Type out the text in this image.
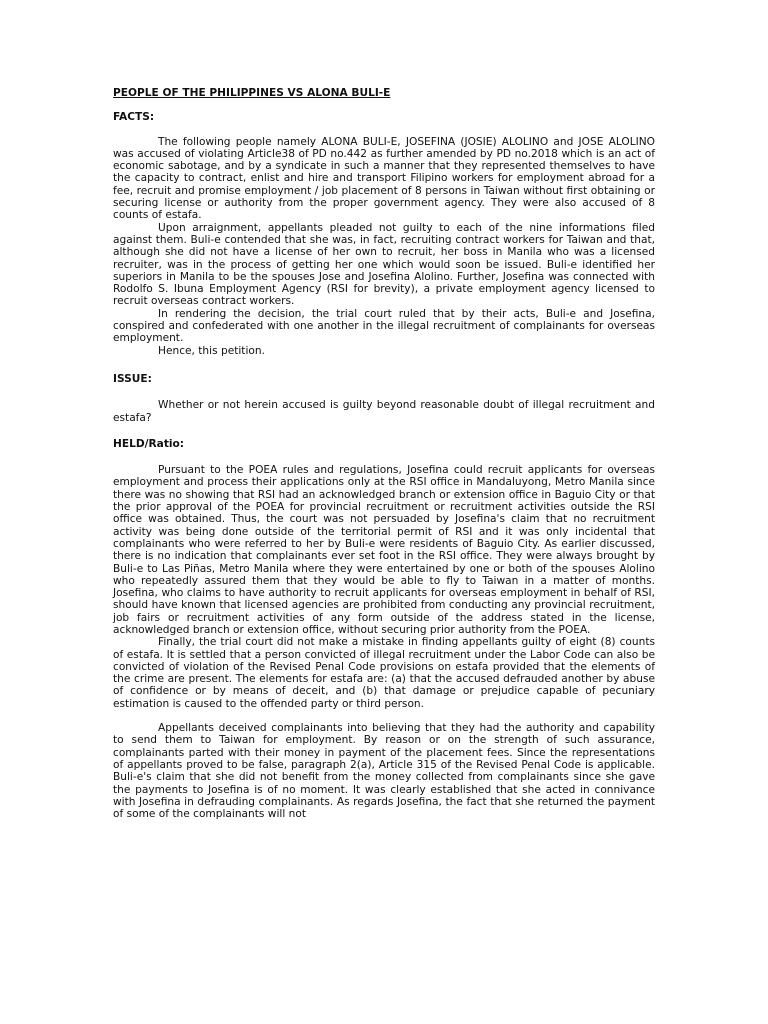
PEOPLE OF THE PHILIPPINES VS ALONA BULI-E
FACTS:

The following people namely ALONA BULI-E, JOSEFINA (JOSIE) ALOLINO and JOSE ALOLINO was accused of violating Article38 of PD no.442 as further amended by PD no.2018 which is an act of economic sabotage, and by a syndicate in such a manner that they represented themselves to have the capacity to contract, enlist and hire and transport Filipino workers for employment abroad for a fee, recruit and promise employment / job placement of 8 persons in Taiwan without first obtaining or securing license or authority from the proper government agency. They were also accused of 8 counts of estafa.

Upon arraignment, appellants pleaded not guilty to each of the nine informations filed against them. Buli-e contended that she was, in fact, recruiting contract workers for Taiwan and that, although she did not have a license of her own to recruit, her boss in Manila who was a licensed recruiter, was in the process of getting her one which would soon be issued. Buli-e identified her superiors in Manila to be the spouses Jose and Josefina Alolino. Further, Josefina was connected with Rodolfo S. Ibuna Employment Agency (RSI for brevity), a private employment agency licensed to recruit overseas contract workers.

In rendering the decision, the trial court ruled that by their acts, Buli-e and Josefina, conspired and confederated with one another in the illegal recruitment of complainants for overseas employment.

Hence, this petition.

ISSUE:

Whether or not herein accused is guilty beyond reasonable doubt of illegal recruitment and estafa?

HELD/Ratio:

Pursuant to the POEA rules and regulations, Josefina could recruit applicants for overseas employment and process their applications only at the RSI office in Mandaluyong, Metro Manila since there was no showing that RSI had an acknowledged branch or extension office in Baguio City or that the prior approval of the POEA for provincial recruitment or recruitment activities outside the RSI office was obtained. Thus, the court was not persuaded by Josefina's claim that no recruitment activity was being done outside of the territorial permit of RSI and it was only incidental that complainants who were referred to her by Buli-e were residents of Baguio City. As earlier discussed, there is no indication that complainants ever set foot in the RSI office. They were always brought by Buli-e to Las Piñas, Metro Manila where they were entertained by one or both of the spouses Alolino who repeatedly assured them that they would be able to fly to Taiwan in a matter of months. Josefina, who claims to have authority to recruit applicants for overseas employment in behalf of RSI, should have known that licensed agencies are prohibited from conducting any provincial recruitment, job fairs or recruitment activities of any form outside of the address stated in the license, acknowledged branch or extension office, without securing prior authority from the POEA.

Finally, the trial court did not make a mistake in finding appellants guilty of eight (8) counts of estafa. It is settled that a person convicted of illegal recruitment under the Labor Code can also be convicted of violation of the Revised Penal Code provisions on estafa provided that the elements of the crime are present. The elements for estafa are: (a) that the accused defrauded another by abuse of confidence or by means of deceit, and (b) that damage or prejudice capable of pecuniary estimation is caused to the offended party or third person.

Appellants deceived complainants into believing that they had the authority and capability to send them to Taiwan for employment. By reason or on the strength of such assurance, complainants parted with their money in payment of the placement fees. Since the representations of appellants proved to be false, paragraph 2(a), Article 315 of the Revised Penal Code is applicable. Buli-e's claim that she did not benefit from the money collected from complainants since she gave the payments to Josefina is of no moment. It was clearly established that she acted in connivance with Josefina in defrauding complainants. As regards Josefina, the fact that she returned the payment of some of the complainants will not
